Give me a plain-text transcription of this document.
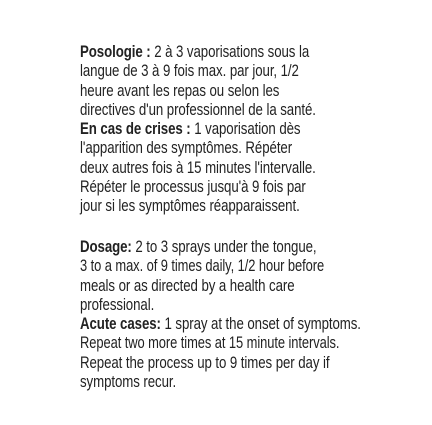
Posologie : 2 à 3 vaporisations sous la
langue de 3 à 9 fois max. par jour, 1/2
heure avant les repas ou selon les
directives d'un professionnel de la santé.
En cas de crises : 1 vaporisation dès
l'apparition des symptômes. Répéter
deux autres fois à 15 minutes l'intervalle.
Répéter le processus jusqu'à 9 fois par
jour si les symptômes réapparaissent.
Dosage: 2 to 3 sprays under the tongue,
3 to a max. of 9 times daily, 1/2 hour before
meals or as directed by a health care
professional.
Acute cases: 1 spray at the onset of symptoms.
Repeat two more times at 15 minute intervals.
Repeat the process up to 9 times per day if
symptoms recur.
